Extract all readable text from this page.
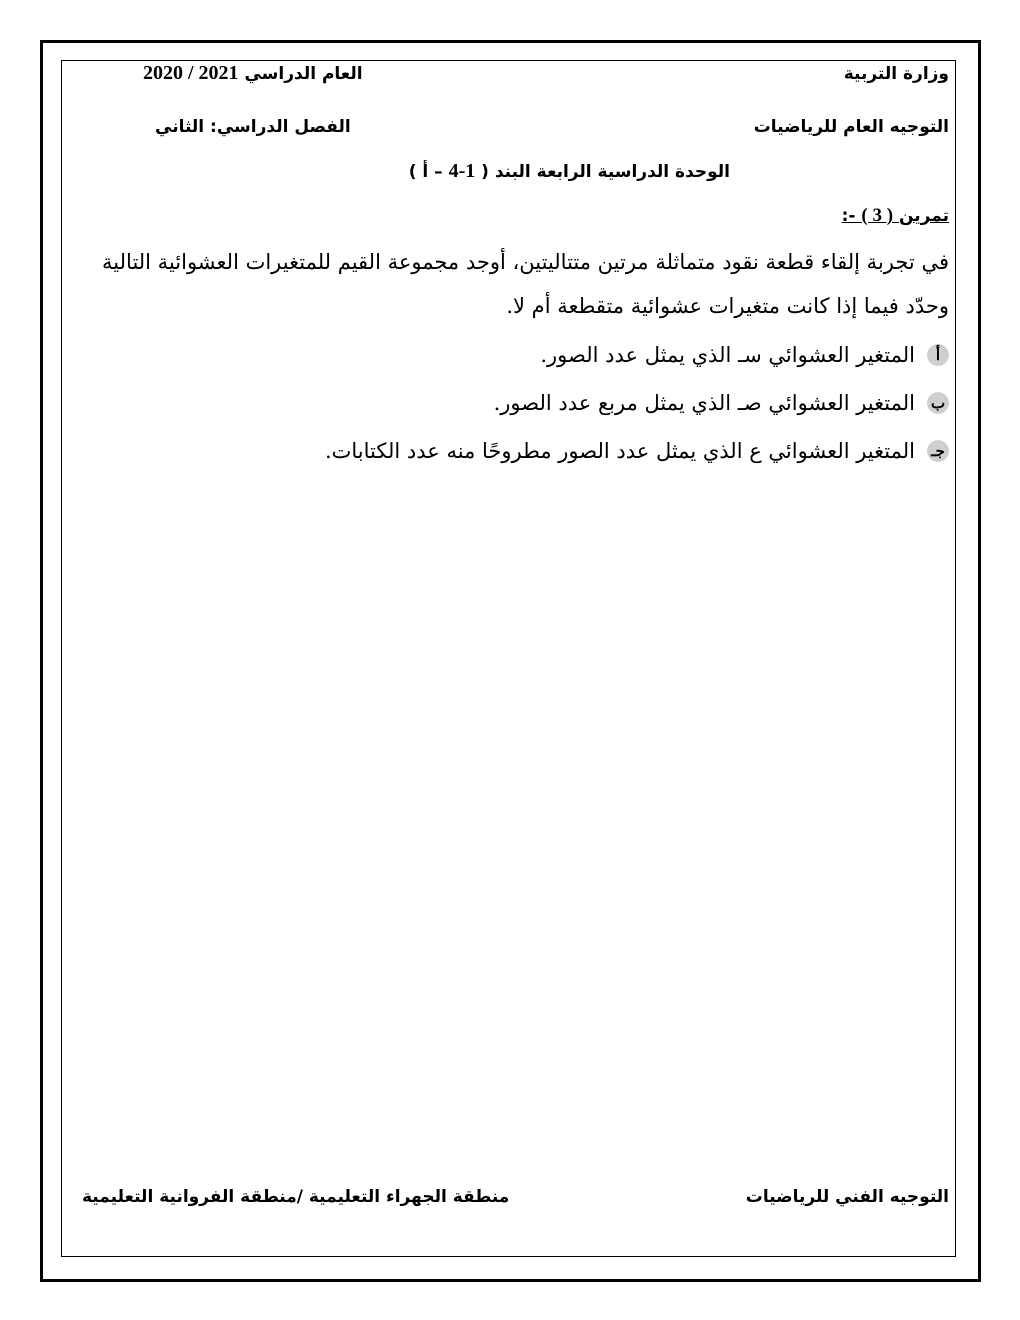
وزارة التربية
العام الدراسي 2020 / 2021
التوجيه العام للرياضيات
الفصل الدراسي: الثاني
الوحدة الدراسية الرابعة البند ( 4-1 – أ )
تمرين ( 3 ) :-
في تجربة إلقاء قطعة نقود متماثلة مرتين متتاليتين، أوجد مجموعة القيم للمتغيرات العشوائية التالية وحدّد فيما إذا كانت متغيرات عشوائية متقطعة أم لا.
أ
المتغير العشوائي سـ الذي يمثل عدد الصور.
ب
المتغير العشوائي صـ الذي يمثل مربع عدد الصور.
جـ
المتغير العشوائي ع الذي يمثل عدد الصور مطروحًا منه عدد الكتابات.
التوجيه الفني للرياضيات
منطقة الجهراء التعليمية /منطقة الفروانية التعليمية
